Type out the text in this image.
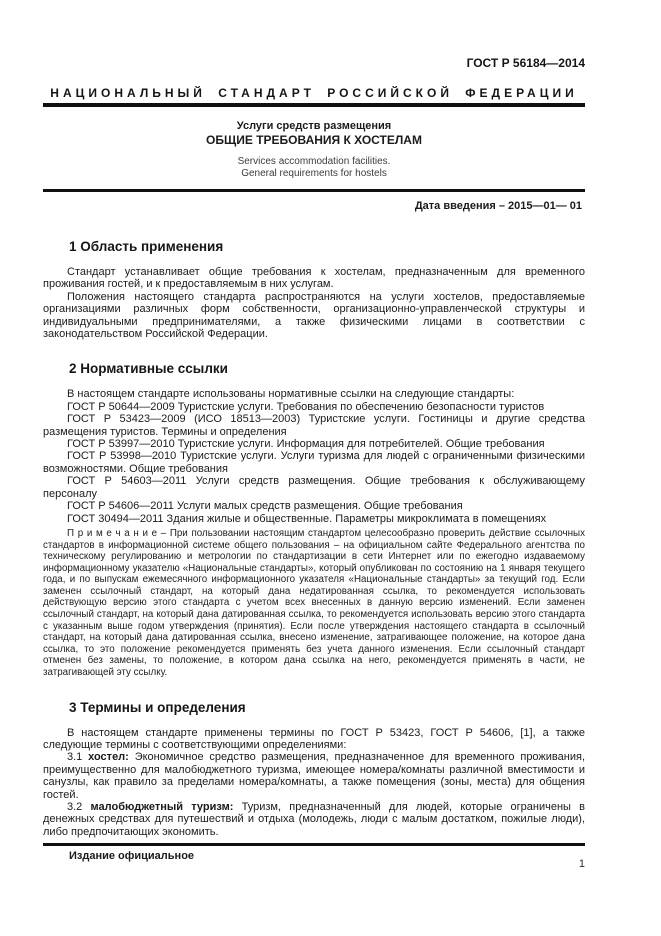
ГОСТ Р 56184—2014
НАЦИОНАЛЬНЫЙ СТАНДАРТ РОССИЙСКОЙ ФЕДЕРАЦИИ
Услуги средств размещения
ОБЩИЕ ТРЕБОВАНИЯ К ХОСТЕЛАМ
Services accommodation facilities.
General requirements for hostels
Дата введения – 2015—01— 01
1 Область применения

Стандарт устанавливает общие требования к хостелам, предназначенным для временного проживания гостей, и к предоставляемым в них услугам.

Положения настоящего стандарта распространяются на услуги хостелов, предоставляемые организациями различных форм собственности, организационно-управленческой структуры и индивидуальными предпринимателями, а также физическими лицами в соответствии с законодательством Российской Федерации.

2 Нормативные ссылки

В настоящем стандарте использованы нормативные ссылки на следующие стандарты:

ГОСТ Р 50644—2009 Туристские услуги. Требования по обеспечению безопасности туристов

ГОСТ Р 53423—2009 (ИСО 18513—2003) Туристские услуги. Гостиницы и другие средства размещения туристов. Термины и определения

ГОСТ Р 53997—2010 Туристские услуги. Информация для потребителей. Общие требования

ГОСТ Р 53998—2010 Туристские услуги. Услуги туризма для людей с ограниченными физическими возможностями. Общие требования

ГОСТ Р 54603—2011 Услуги средств размещения. Общие требования к обслуживающему персоналу

ГОСТ Р 54606—2011 Услуги малых средств размещения. Общие требования

ГОСТ 30494—2011 Здания жилые и общественные. Параметры микроклимата в помещениях

П р и м е ч а н и е – При пользовании настоящим стандартом целесообразно проверить действие ссылочных стандартов в информационной системе общего пользования – на официальном сайте Федерального агентства по техническому регулированию и метрологии по стандартизации в сети Интернет или по ежегодно издаваемому информационному указателю «Национальные стандарты», который опубликован по состоянию на 1 января текущего года, и по выпускам ежемесячного информационного указателя «Национальные стандарты» за текущий год. Если заменен ссылочный стандарт, на который дана недатированная ссылка, то рекомендуется использовать действующую версию этого стандарта с учетом всех внесенных в данную версию изменений. Если заменен ссылочный стандарт, на который дана датированная ссылка, то рекомендуется использовать версию этого стандарта с указанным выше годом утверждения (принятия). Если после утверждения настоящего стандарта в ссылочный стандарт, на который дана датированная ссылка, внесено изменение, затрагивающее положение, на которое дана ссылка, то это положение рекомендуется применять без учета данного изменения. Если ссылочный стандарт отменен без замены, то положение, в котором дана ссылка на него, рекомендуется применять в части, не затрагивающей эту ссылку.

3 Термины и определения

В настоящем стандарте применены термины по ГОСТ Р 53423, ГОСТ Р 54606, [1], а также следующие термины с соответствующими определениями:

3.1 хостел: Экономичное средство размещения, предназначенное для временного проживания, преимущественно для малобюджетного туризма, имеющее номера/комнаты различной вместимости и санузлы, как правило за пределами номера/комнаты, а также помещения (зоны, места) для общения гостей.

3.2 малобюджетный туризм: Туризм, предназначенный для людей, которые ограничены в денежных средствах для путешествий и отдыха (молодежь, люди с малым достатком, пожилые люди), либо предпочитающих экономить.

Издание официальное
1
